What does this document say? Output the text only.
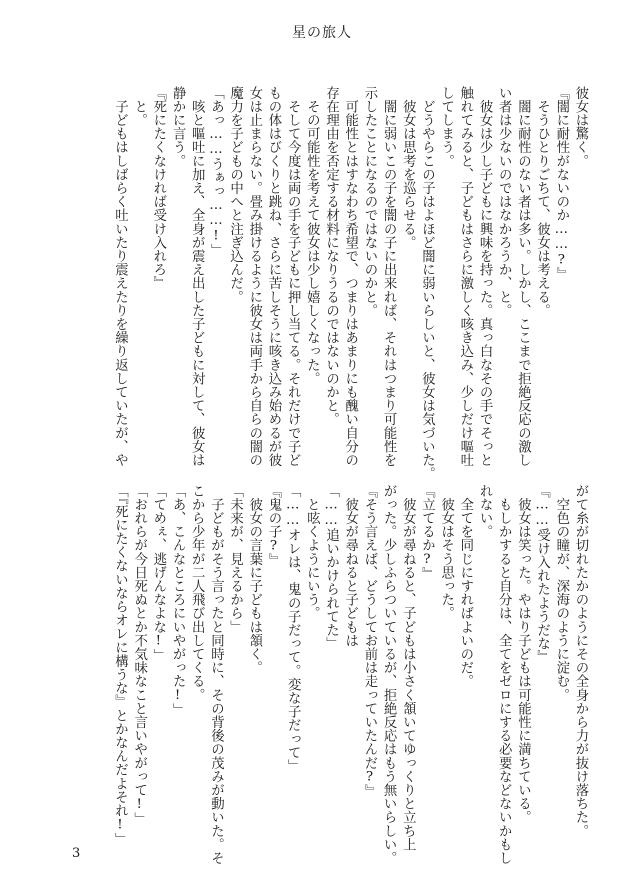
星の旅人
彼女は驚く。
『闇に耐性がないのか……?』
　そうひとりごちて、彼女は考える。
　闇に耐性のない者は多い。しかし、ここまで拒絶反応の激し
い者は少ないのではなかろうか、と。
　彼女は少し子どもに興味を持った。真っ白なその手でそっと
触れてみると、子どもはさらに激しく咳き込み、少しだけ嘔吐
してしまう。
　どうやらこの子はよほど闇に弱いらしいと、彼女は気づいた。
　彼女は思考を巡らせる。
　闇に弱いこの子を闇の子に出来れば、それはつまり可能性を
示したことになるのではないのかと。
　可能性とはすなわち希望で、つまりはあまりにも醜い自分の
存在理由を否定する材料になりうるのではないのかと。
　その可能性を考えて彼女は少し嬉しくなった。
　そして今度は両の手を子どもに押し当てる。それだけで子ど
もの体はびくりと跳ね、さらに苦しそうに咳き込み始めるが彼
女は止まらない。畳み掛けるように彼女は両手から自らの闇の
魔力を子どもの中へと注ぎ込んだ。
「あっ……うぁっ……!」
　咳と嘔吐に加え、全身が震え出した子どもに対して、彼女は
静かに言う。
『死にたくなければ受け入れろ』
　と。
　子どもはしばらく吐いたり震えたりを繰り返していたが、や
がて糸が切れたかのようにその全身から力が抜け落ちた。
　空色の瞳が、深海のように淀む。
『……受け入れたようだな』
　彼女は笑った。やはり子どもは可能性に満ちている。
　もしかすると自分は、全てをゼロにする必要などないかもし
れない。
　全てを同じにすればよいのだ。
　彼女はそう思った。
『立てるか?』
　彼女が尋ねると、子どもは小さく頷いてゆっくりと立ち上
がった。少しふらついているが、拒絶反応はもう無いらしい。
『そう言えば、どうしてお前は走っていたんだ?』
　彼女が尋ねると子どもは
「……追いかけられてた」
　と呟くようにいう。
「……オレは、鬼の子だって。変な子だって」
『鬼の子?』
　彼女の言葉に子どもは頷く。
「未来が、見えるから」
　子どもがそう言ったと同時に、その背後の茂みが動いた。そ
こから少年が二人飛び出してくる。
「あ、こんなところにいやがった!」
「てめぇ、逃げんなよな!」
「おれらが今日死ぬとか不気味なこと言いやがって!」
「『死にたくないならオレに構うな』とかなんだよそれ!」
3
